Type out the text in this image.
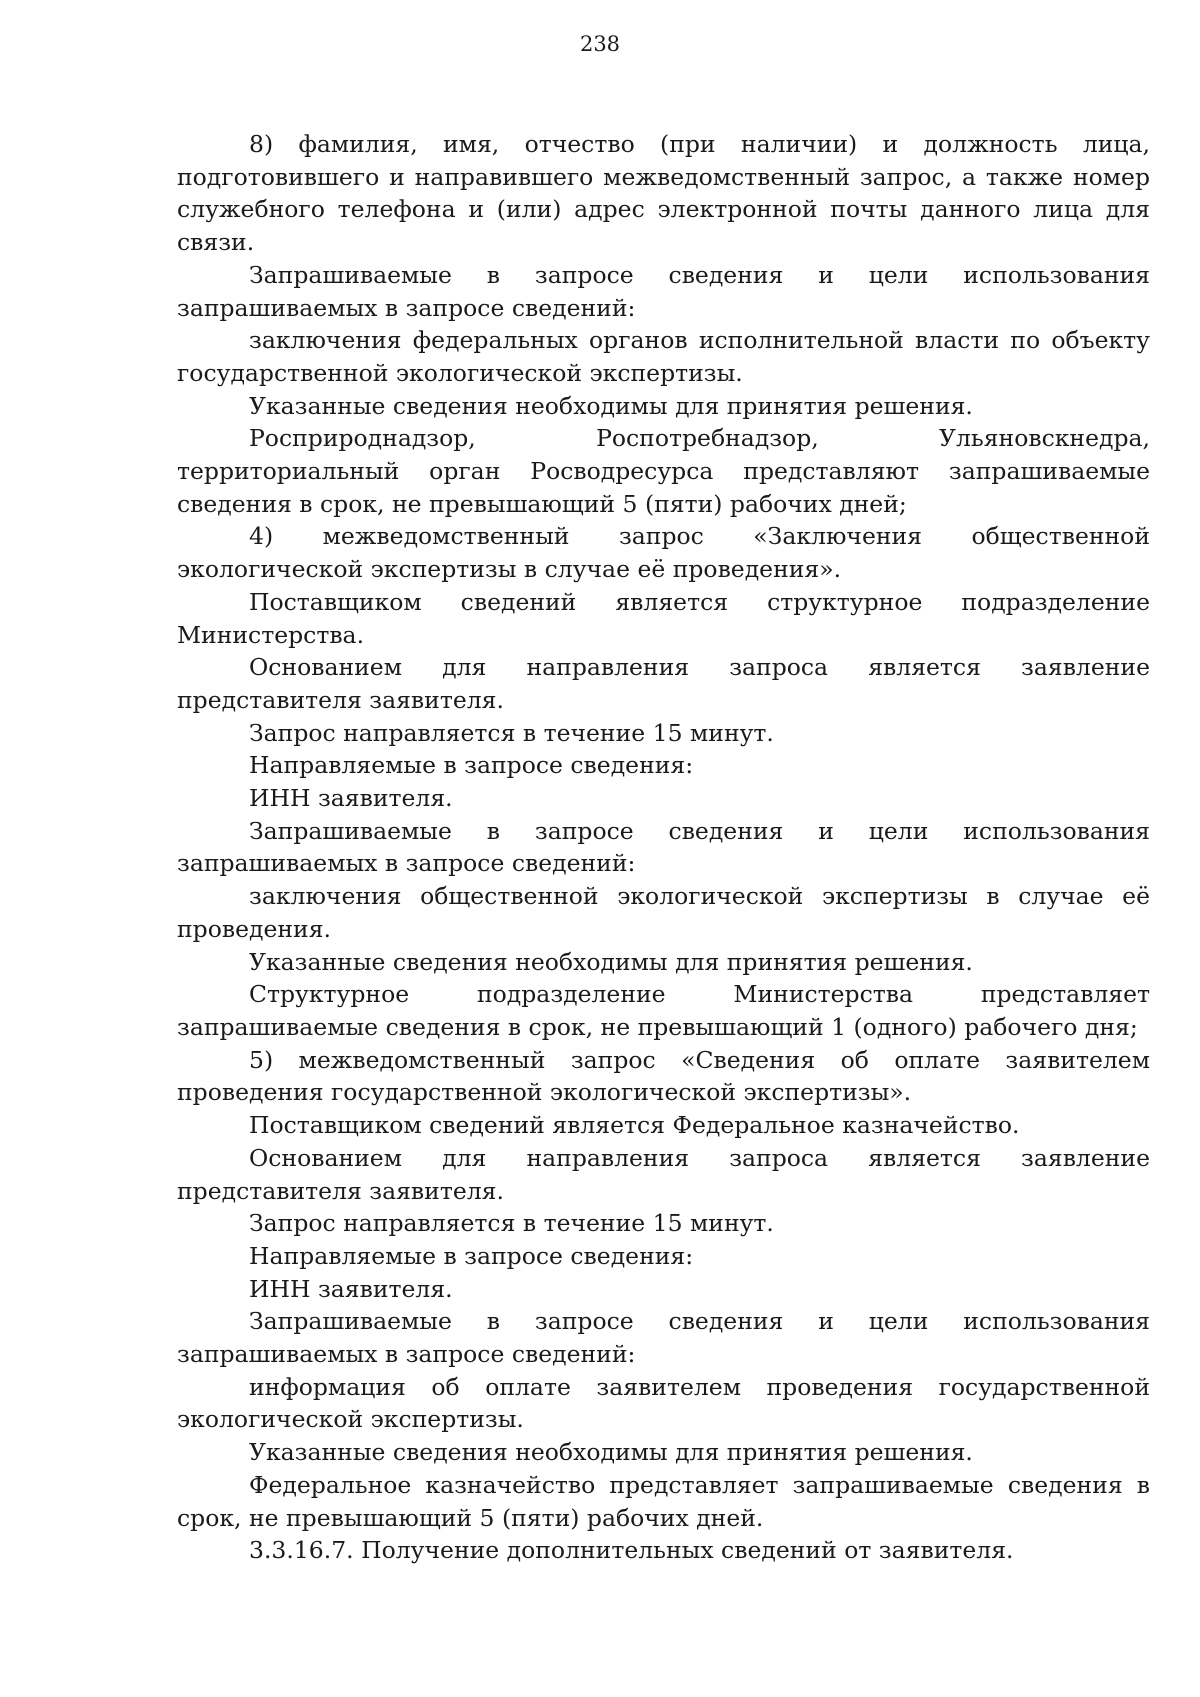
238

8) фамилия, имя, отчество (при наличии) и должность лица, подготовившего и направившего межведомственный запрос, а также номер служебного телефона и (или) адрес электронной почты данного лица для связи.

Запрашиваемые в запросе сведения и цели использования запрашиваемых в запросе сведений:

заключения федеральных органов исполнительной власти по объекту государственной экологической экспертизы.

Указанные сведения необходимы для принятия решения.

Росприроднадзор, Роспотребнадзор, Ульяновскнедра, территориальный орган Росводресурса представляют запрашиваемые сведения в срок, не превышающий 5 (пяти) рабочих дней;

4) межведомственный запрос «Заключения общественной экологической экспертизы в случае её проведения».

Поставщиком сведений является структурное подразделение Министерства.

Основанием для направления запроса является заявление представителя заявителя.

Запрос направляется в течение 15 минут.

Направляемые в запросе сведения:

ИНН заявителя.

Запрашиваемые в запросе сведения и цели использования запрашиваемых в запросе сведений:

заключения общественной экологической экспертизы в случае её проведения.

Указанные сведения необходимы для принятия решения.

Структурное подразделение Министерства представляет запрашиваемые сведения в срок, не превышающий 1 (одного) рабочего дня;

5) межведомственный запрос «Сведения об оплате заявителем проведения государственной экологической экспертизы».

Поставщиком сведений является Федеральное казначейство.

Основанием для направления запроса является заявление представителя заявителя.

Запрос направляется в течение 15 минут.

Направляемые в запросе сведения:

ИНН заявителя.

Запрашиваемые в запросе сведения и цели использования запрашиваемых в запросе сведений:

информация об оплате заявителем проведения государственной экологической экспертизы.

Указанные сведения необходимы для принятия решения.

Федеральное казначейство представляет запрашиваемые сведения в срок, не превышающий 5 (пяти) рабочих дней.

3.3.16.7. Получение дополнительных сведений от заявителя.
